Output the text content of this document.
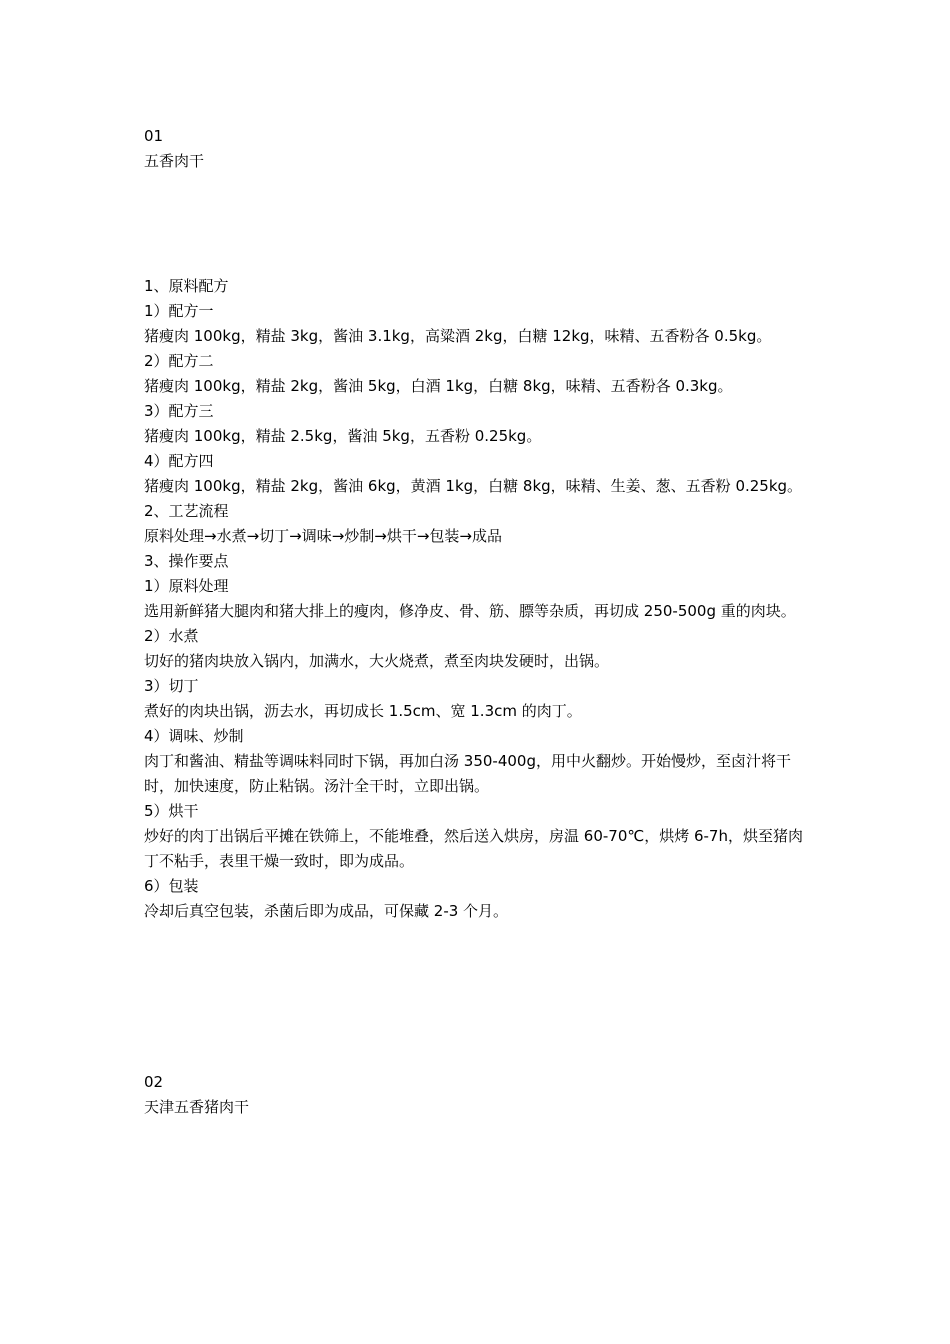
01
五香肉干
1、原料配方
1）配方一
猪瘦肉 100kg，精盐 3kg，酱油 3.1kg，高粱酒 2kg，白糖 12kg，味精、五香粉各 0.5kg。
2）配方二
猪瘦肉 100kg，精盐 2kg，酱油 5kg，白酒 1kg，白糖 8kg，味精、五香粉各 0.3kg。
3）配方三
猪瘦肉 100kg，精盐 2.5kg，酱油 5kg，五香粉 0.25kg。
4）配方四
猪瘦肉 100kg，精盐 2kg，酱油 6kg，黄酒 1kg，白糖 8kg，味精、生姜、葱、五香粉 0.25kg。
2、工艺流程
原料处理→水煮→切丁→调味→炒制→烘干→包装→成品
3、操作要点
1）原料处理
选用新鲜猪大腿肉和猪大排上的瘦肉，修净皮、骨、筋、膘等杂质，再切成 250-500g 重的肉块。
2）水煮
切好的猪肉块放入锅内，加满水，大火烧煮，煮至肉块发硬时，出锅。
3）切丁
煮好的肉块出锅，沥去水，再切成长 1.5cm、宽 1.3cm 的肉丁。
4）调味、炒制
肉丁和酱油、精盐等调味料同时下锅，再加白汤 350-400g，用中火翻炒。开始慢炒，至卤汁将干时，加快速度，防止粘锅。汤汁全干时，立即出锅。
5）烘干
炒好的肉丁出锅后平摊在铁筛上，不能堆叠，然后送入烘房，房温 60-70℃，烘烤 6-7h，烘至猪肉丁不粘手，表里干燥一致时，即为成品。
6）包装
冷却后真空包装，杀菌后即为成品，可保藏 2-3 个月。
02
天津五香猪肉干
